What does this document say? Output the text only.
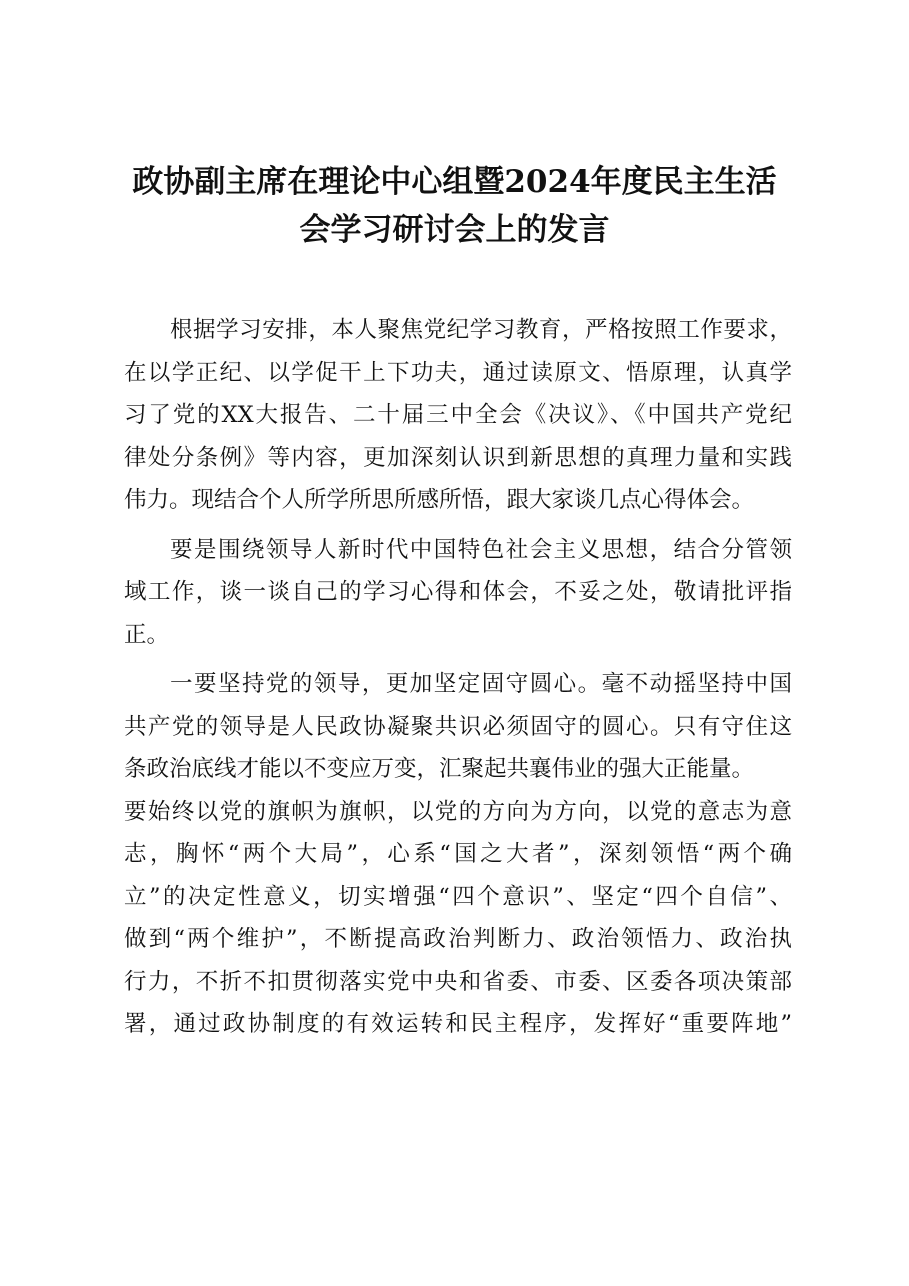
政协副主席在理论中心组暨2024年度民主生活
会学习研讨会上的发言
根据学习安排，本人聚焦党纪学习教育，严格按照工作要求，
在以学正纪、以学促干上下功夫，通过读原文、悟原理，认真学
习了党的XX大报告、二十届三中全会《决议》、《中国共产党纪
律处分条例》等内容，更加深刻认识到新思想的真理力量和实践
伟力。现结合个人所学所思所感所悟，跟大家谈几点心得体会。
要是围绕领导人新时代中国特色社会主义思想，结合分管领
域工作，谈一谈自己的学习心得和体会，不妥之处，敬请批评指
正。
一要坚持党的领导，更加坚定固守圆心。毫不动摇坚持中国
共产党的领导是人民政协凝聚共识必须固守的圆心。只有守住这
条政治底线才能以不变应万变，汇聚起共襄伟业的强大正能量。
要始终以党的旗帜为旗帜，以党的方向为方向，以党的意志为意
志，胸怀“两个大局”，心系“国之大者”，深刻领悟“两个确
立”的决定性意义，切实增强“四个意识”、坚定“四个自信”、
做到“两个维护”，不断提高政治判断力、政治领悟力、政治执
行力，不折不扣贯彻落实党中央和省委、市委、区委各项决策部
署，通过政协制度的有效运转和民主程序，发挥好“重要阵地”
